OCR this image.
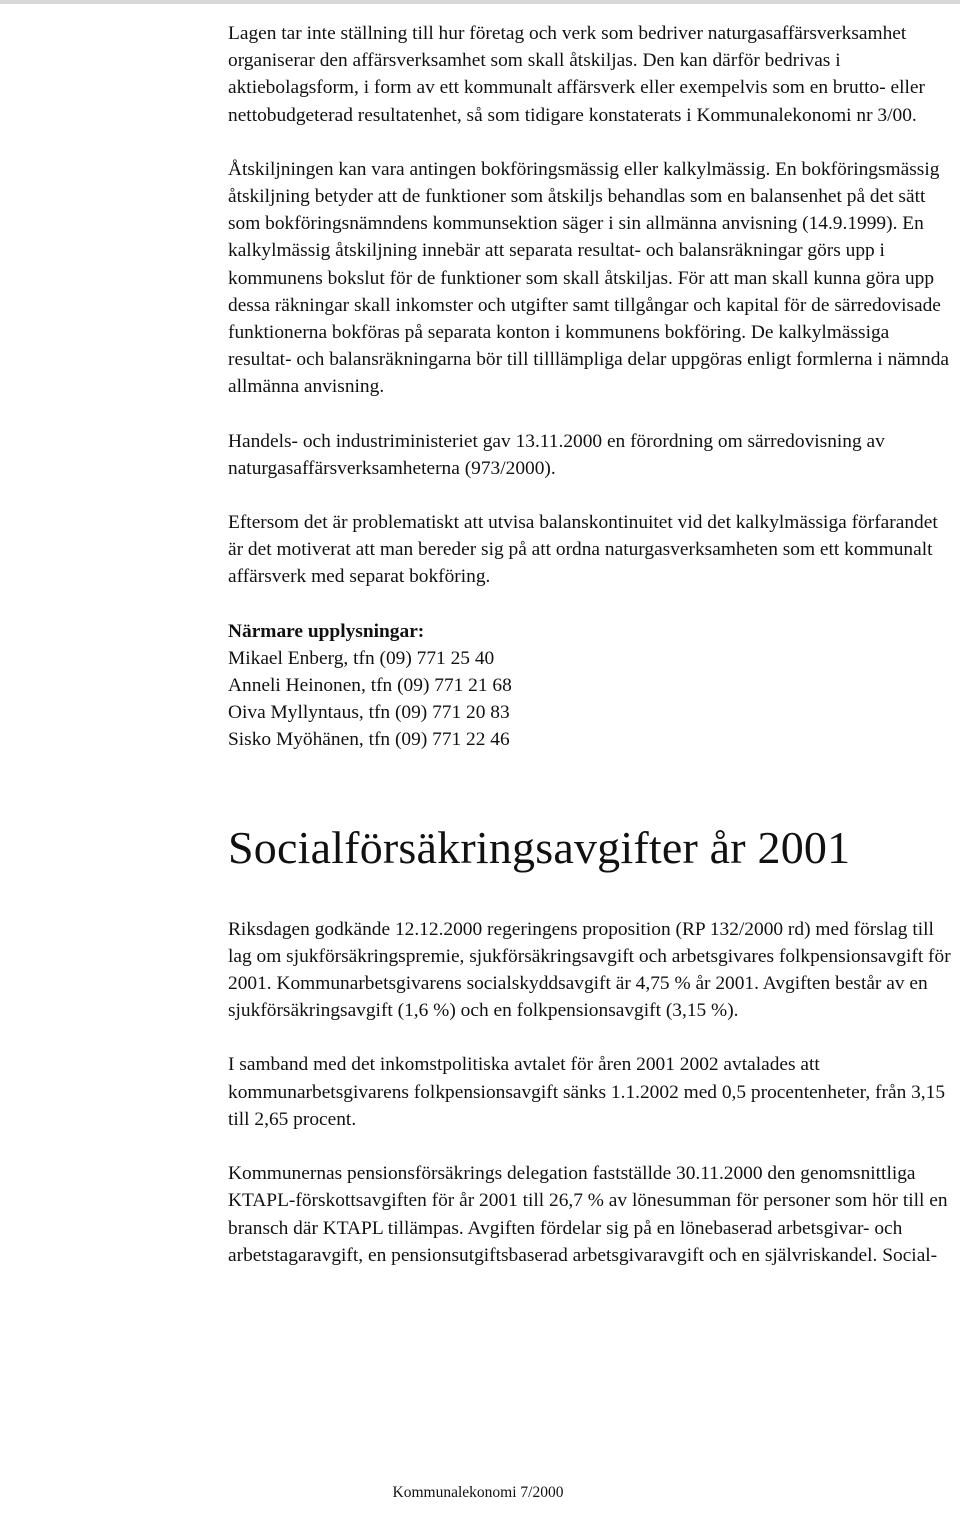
Lagen tar inte ställning till hur företag och verk som bedriver naturgasaffärsverksamhet organiserar den affärsverksamhet som skall åtskiljas. Den kan därför bedrivas i aktiebolagsform, i form av ett kommunalt affärsverk eller exempelvis som en brutto- eller nettobudgeterad resultatenhet, så som tidigare konstaterats i Kommunalekonomi nr 3/00.

Åtskiljningen kan vara antingen bokföringsmässig eller kalkylmässig. En bokföringsmässig åtskiljning betyder att de funktioner som åtskiljs behandlas som en balansenhet på det sätt som bokföringsnämndens kommunsektion säger i sin allmänna anvisning (14.9.1999). En kalkylmässig åtskiljning innebär att separata resultat- och balansräkningar görs upp i kommunens bokslut för de funktioner som skall åtskiljas. För att man skall kunna göra upp dessa räkningar skall inkomster och utgifter samt tillgångar och kapital för de särredovisade funktionerna bokföras på separata konton i kommunens bokföring. De kalkylmässiga resultat- och balansräkningarna bör till tilllämpliga delar uppgöras enligt formlerna i nämnda allmänna anvisning.

Handels- och industriministeriet gav 13.11.2000 en förordning om särredovisning av naturgasaffärsverksamheterna (973/2000).

Eftersom det är problematiskt att utvisa balanskontinuitet vid det kalkylmässiga förfarandet är det motiverat att man bereder sig på att ordna naturgasverksamheten som ett kommunalt affärsverk med separat bokföring.

Närmare upplysningar:

Mikael Enberg, tfn (09) 771 25 40

Anneli Heinonen, tfn (09) 771 21 68

Oiva Myllyntaus, tfn (09) 771 20 83

Sisko Myöhänen, tfn (09) 771 22 46

Socialförsäkringsavgifter år 2001

Riksdagen godkände 12.12.2000 regeringens proposition (RP 132/2000 rd) med förslag till lag om sjukförsäkringspremie, sjukförsäkringsavgift och arbetsgivares folkpensionsavgift för 2001. Kommunarbetsgivarens socialskyddsavgift är 4,75 % år 2001. Avgiften består av en sjukförsäkringsavgift (1,6 %) och en folkpensionsavgift (3,15 %).

I samband med det inkomstpolitiska avtalet för åren 2001 2002 avtalades att kommunarbetsgivarens folkpensionsavgift sänks 1.1.2002 med 0,5 procentenheter, från 3,15 till 2,65 procent.

Kommunernas pensionsförsäkrings delegation fastställde 30.11.2000 den genomsnittliga KTAPL-förskottsavgiften för år 2001 till 26,7 % av lönesumman för personer som hör till en bransch där KTAPL tillämpas. Avgiften fördelar sig på en lönebaserad arbetsgivar- och arbetstagaravgift, en pensionsutgiftsbaserad arbetsgivaravgift och en självriskandel. Social-

Kommunalekonomi 7/2000
